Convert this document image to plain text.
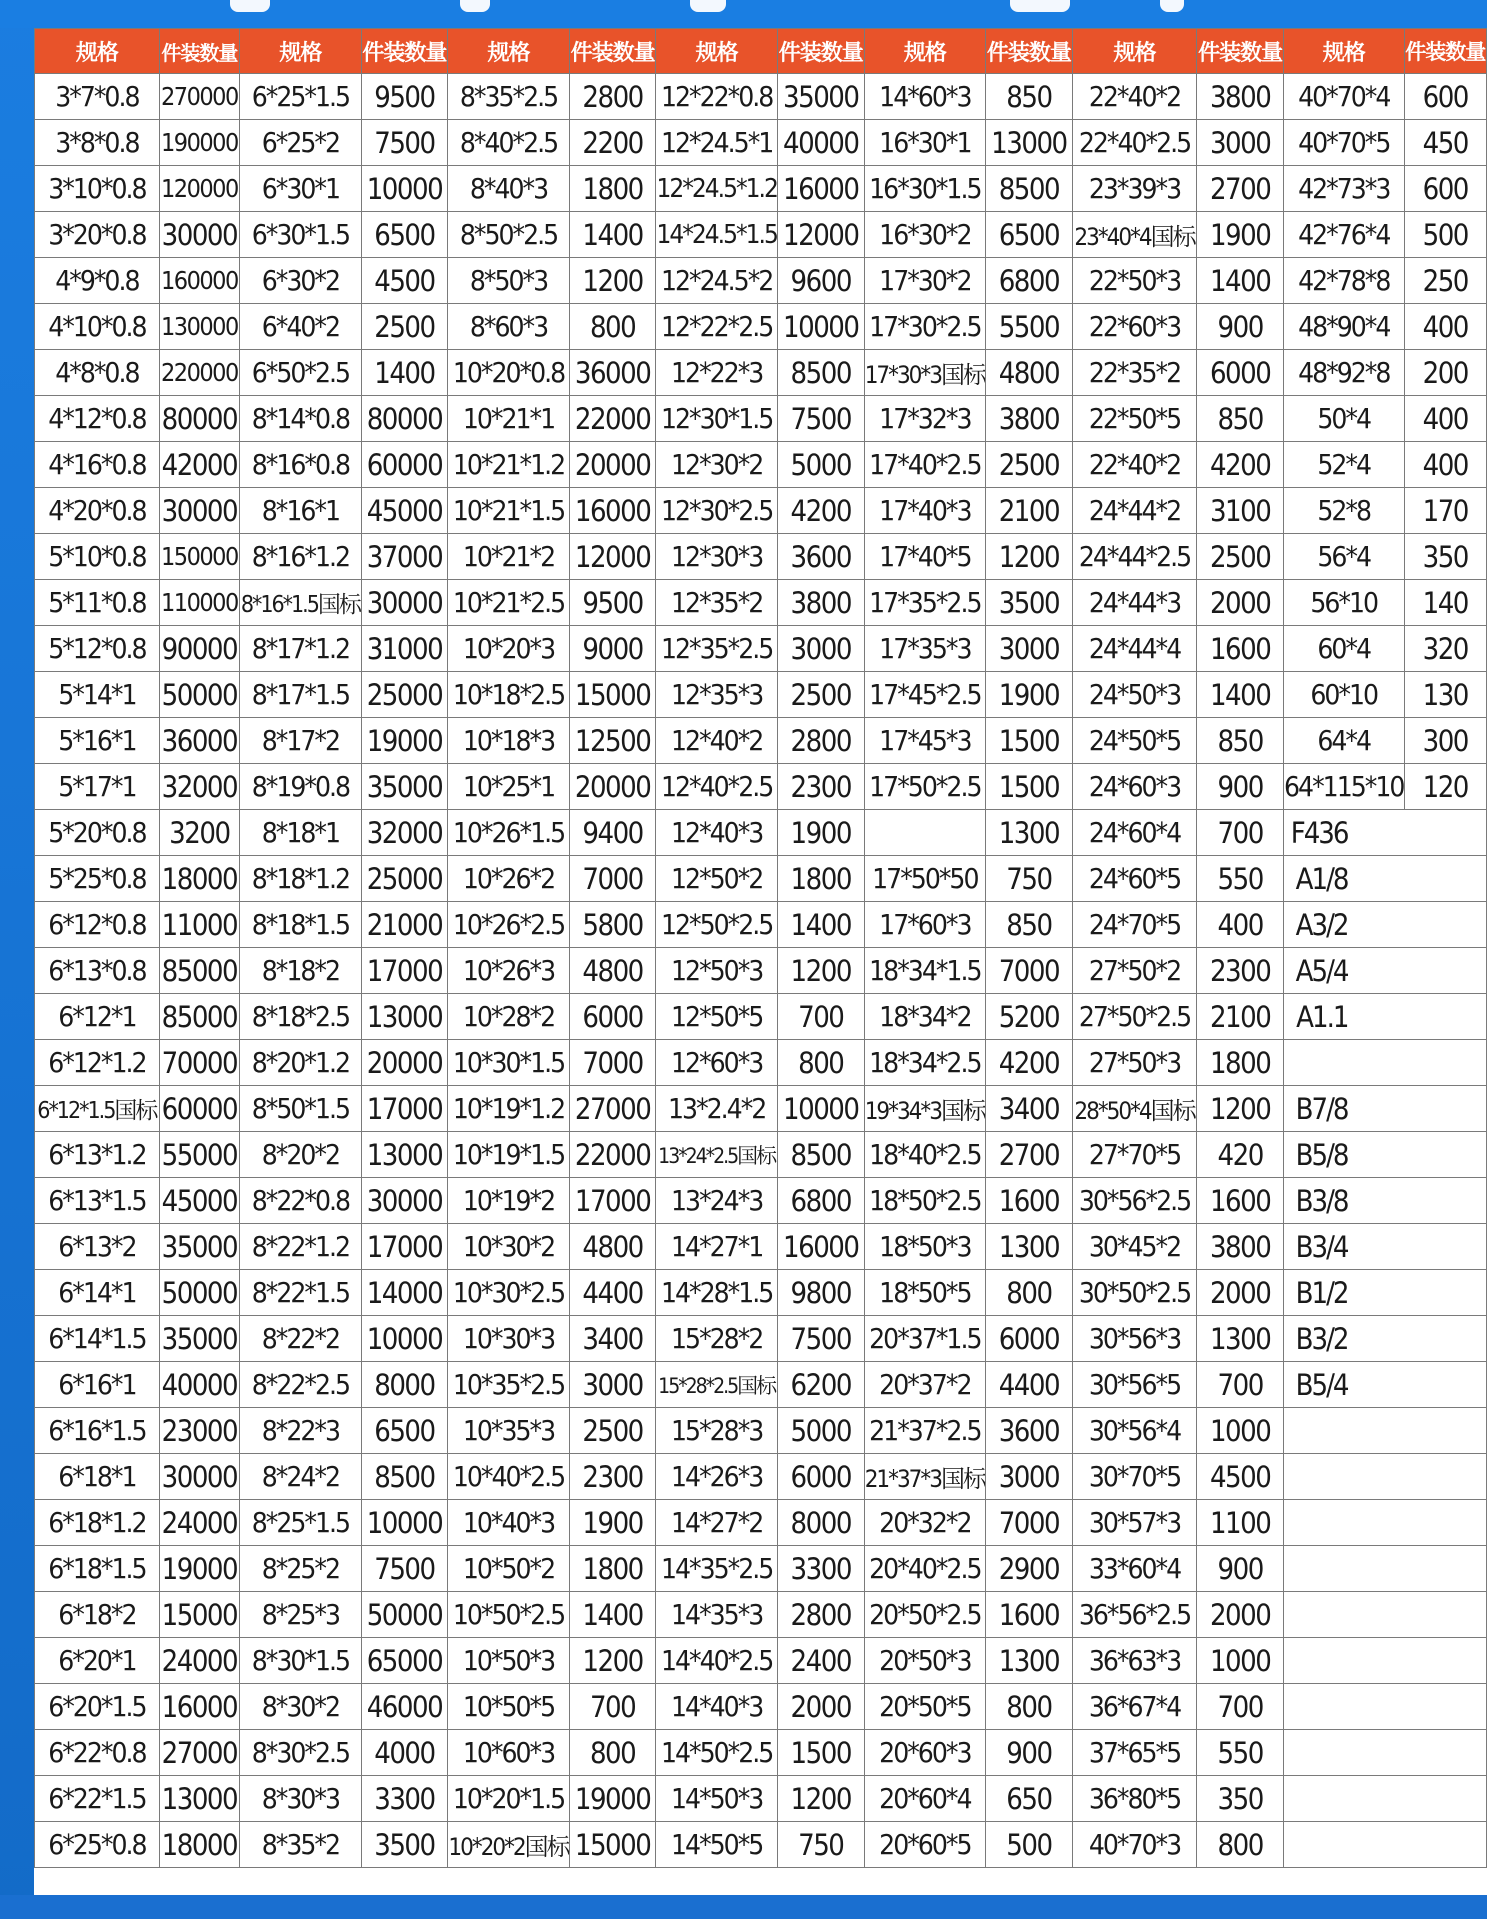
规格	件装数量	规格	件装数量	规格	件装数量	规格	件装数量	规格	件装数量	规格	件装数量	规格	件装数量
3*7*0.8	270000	6*25*1.5	9500	8*35*2.5	2800	12*22*0.8	35000	14*60*3	850	22*40*2	3800	40*70*4	600
3*8*0.8	190000	6*25*2	7500	8*40*2.5	2200	12*24.5*1	40000	16*30*1	13000	22*40*2.5	3000	40*70*5	450
3*10*0.8	120000	6*30*1	10000	8*40*3	1800	12*24.5*1.2	16000	16*30*1.5	8500	23*39*3	2700	42*73*3	600
3*20*0.8	30000	6*30*1.5	6500	8*50*2.5	1400	14*24.5*1.5	12000	16*30*2	6500	23*40*4国标	1900	42*76*4	500
4*9*0.8	160000	6*30*2	4500	8*50*3	1200	12*24.5*2	9600	17*30*2	6800	22*50*3	1400	42*78*8	250
4*10*0.8	130000	6*40*2	2500	8*60*3	800	12*22*2.5	10000	17*30*2.5	5500	22*60*3	900	48*90*4	400
4*8*0.8	220000	6*50*2.5	1400	10*20*0.8	36000	12*22*3	8500	17*30*3国标	4800	22*35*2	6000	48*92*8	200
4*12*0.8	80000	8*14*0.8	80000	10*21*1	22000	12*30*1.5	7500	17*32*3	3800	22*50*5	850	50*4	400
4*16*0.8	42000	8*16*0.8	60000	10*21*1.2	20000	12*30*2	5000	17*40*2.5	2500	22*40*2	4200	52*4	400
4*20*0.8	30000	8*16*1	45000	10*21*1.5	16000	12*30*2.5	4200	17*40*3	2100	24*44*2	3100	52*8	170
5*10*0.8	150000	8*16*1.2	37000	10*21*2	12000	12*30*3	3600	17*40*5	1200	24*44*2.5	2500	56*4	350
5*11*0.8	110000	8*16*1.5国标	30000	10*21*2.5	9500	12*35*2	3800	17*35*2.5	3500	24*44*3	2000	56*10	140
5*12*0.8	90000	8*17*1.2	31000	10*20*3	9000	12*35*2.5	3000	17*35*3	3000	24*44*4	1600	60*4	320
5*14*1	50000	8*17*1.5	25000	10*18*2.5	15000	12*35*3	2500	17*45*2.5	1900	24*50*3	1400	60*10	130
5*16*1	36000	8*17*2	19000	10*18*3	12500	12*40*2	2800	17*45*3	1500	24*50*5	850	64*4	300
5*17*1	32000	8*19*0.8	35000	10*25*1	20000	12*40*2.5	2300	17*50*2.5	1500	24*60*3	900	64*115*10	120
5*20*0.8	3200	8*18*1	32000	10*26*1.5	9400	12*40*3	1900		1300	24*60*4	700	F436	
5*25*0.8	18000	8*18*1.2	25000	10*26*2	7000	12*50*2	1800	17*50*50	750	24*60*5	550	A1/8	
6*12*0.8	11000	8*18*1.5	21000	10*26*2.5	5800	12*50*2.5	1400	17*60*3	850	24*70*5	400	A3/2	
6*13*0.8	85000	8*18*2	17000	10*26*3	4800	12*50*3	1200	18*34*1.5	7000	27*50*2	2300	A5/4	
6*12*1	85000	8*18*2.5	13000	10*28*2	6000	12*50*5	700	18*34*2	5200	27*50*2.5	2100	A1.1	
6*12*1.2	70000	8*20*1.2	20000	10*30*1.5	7000	12*60*3	800	18*34*2.5	4200	27*50*3	1800		
6*12*1.5国标	60000	8*50*1.5	17000	10*19*1.2	27000	13*2.4*2	10000	19*34*3国标	3400	28*50*4国标	1200	B7/8	
6*13*1.2	55000	8*20*2	13000	10*19*1.5	22000	13*24*2.5国标	8500	18*40*2.5	2700	27*70*5	420	B5/8	
6*13*1.5	45000	8*22*0.8	30000	10*19*2	17000	13*24*3	6800	18*50*2.5	1600	30*56*2.5	1600	B3/8	
6*13*2	35000	8*22*1.2	17000	10*30*2	4800	14*27*1	16000	18*50*3	1300	30*45*2	3800	B3/4	
6*14*1	50000	8*22*1.5	14000	10*30*2.5	4400	14*28*1.5	9800	18*50*5	800	30*50*2.5	2000	B1/2	
6*14*1.5	35000	8*22*2	10000	10*30*3	3400	15*28*2	7500	20*37*1.5	6000	30*56*3	1300	B3/2	
6*16*1	40000	8*22*2.5	8000	10*35*2.5	3000	15*28*2.5国标	6200	20*37*2	4400	30*56*5	700	B5/4	
6*16*1.5	23000	8*22*3	6500	10*35*3	2500	15*28*3	5000	21*37*2.5	3600	30*56*4	1000		
6*18*1	30000	8*24*2	8500	10*40*2.5	2300	14*26*3	6000	21*37*3国标	3000	30*70*5	4500		
6*18*1.2	24000	8*25*1.5	10000	10*40*3	1900	14*27*2	8000	20*32*2	7000	30*57*3	1100		
6*18*1.5	19000	8*25*2	7500	10*50*2	1800	14*35*2.5	3300	20*40*2.5	2900	33*60*4	900		
6*18*2	15000	8*25*3	50000	10*50*2.5	1400	14*35*3	2800	20*50*2.5	1600	36*56*2.5	2000		
6*20*1	24000	8*30*1.5	65000	10*50*3	1200	14*40*2.5	2400	20*50*3	1300	36*63*3	1000		
6*20*1.5	16000	8*30*2	46000	10*50*5	700	14*40*3	2000	20*50*5	800	36*67*4	700		
6*22*0.8	27000	8*30*2.5	4000	10*60*3	800	14*50*2.5	1500	20*60*3	900	37*65*5	550		
6*22*1.5	13000	8*30*3	3300	10*20*1.5	19000	14*50*3	1200	20*60*4	650	36*80*5	350		
6*25*0.8	18000	8*35*2	3500	10*20*2国标	15000	14*50*5	750	20*60*5	500	40*70*3	800		
